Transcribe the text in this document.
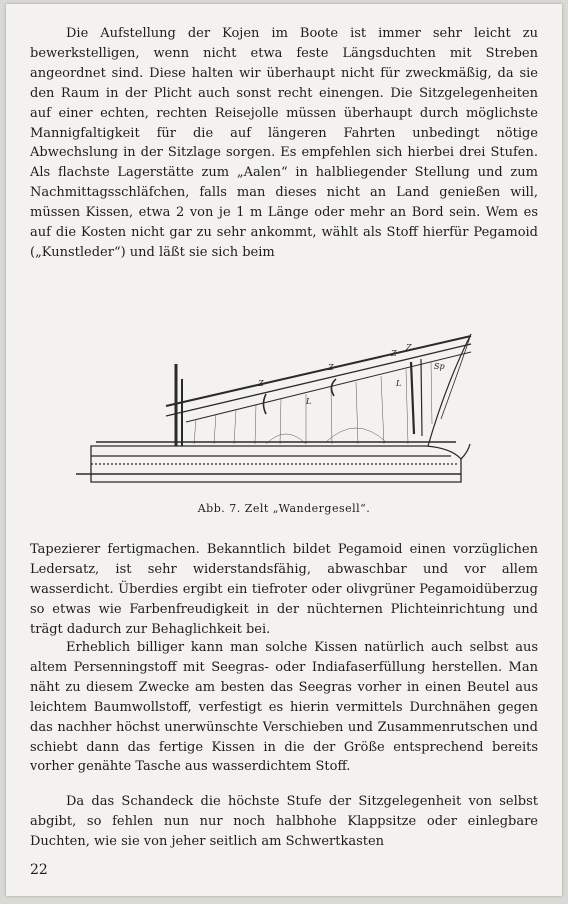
Die Aufstellung der Kojen im Boote ist immer sehr leicht zu bewerkstelligen, wenn nicht etwa feste Längsduchten mit Streben angeordnet sind. Diese halten wir überhaupt nicht für zweckmäßig, da sie den Raum in der Plicht auch sonst recht einengen. Die Sitzgelegenheiten auf einer echten, rechten Reisejolle müssen überhaupt durch möglichste Mannigfaltigkeit für die auf längeren Fahrten unbedingt nötige Abwechslung in der Sitzlage sorgen. Es empfehlen sich hierbei drei Stufen. Als flachste Lagerstätte zum „Aalen“ in halbliegender Stellung und zum Nachmittagsschläfchen, falls man dieses nicht an Land genießen will, müssen Kissen, etwa 2 von je 1 m Länge oder mehr an Bord sein. Wem es auf die Kosten nicht gar zu sehr ankommt, wählt als Stoff hierfür Pegamoid („Kunstleder“) und läßt sie sich beim

Z
Z
Z
Z
L
L
Sp
Abb. 7. Zelt „Wandergesell“.

Tapezierer fertigmachen. Bekanntlich bildet Pegamoid einen vorzüglichen Ledersatz, ist sehr widerstandsfähig, abwaschbar und vor allem wasserdicht. Überdies ergibt ein tiefroter oder olivgrüner Pegamoidüberzug so etwas wie Farbenfreudigkeit in der nüchternen Plichteinrichtung und trägt dadurch zur Behaglichkeit bei.

Erheblich billiger kann man solche Kissen natürlich auch selbst aus altem Persenningstoff mit Seegras- oder Indiafaserfüllung herstellen. Man näht zu diesem Zwecke am besten das Seegras vorher in einen Beutel aus leichtem Baumwollstoff, verfestigt es hierin vermittels Durchnähen gegen das nachher höchst unerwünschte Verschieben und Zusammenrutschen und schiebt dann das fertige Kissen in die der Größe entsprechend bereits vorher genähte Tasche aus wasserdichtem Stoff.

Da das Schandeck die höchste Stufe der Sitzgelegenheit von selbst abgibt, so fehlen nun nur noch halbhohe Klappsitze oder einlegbare Duchten, wie sie von jeher seitlich am Schwertkasten

22
